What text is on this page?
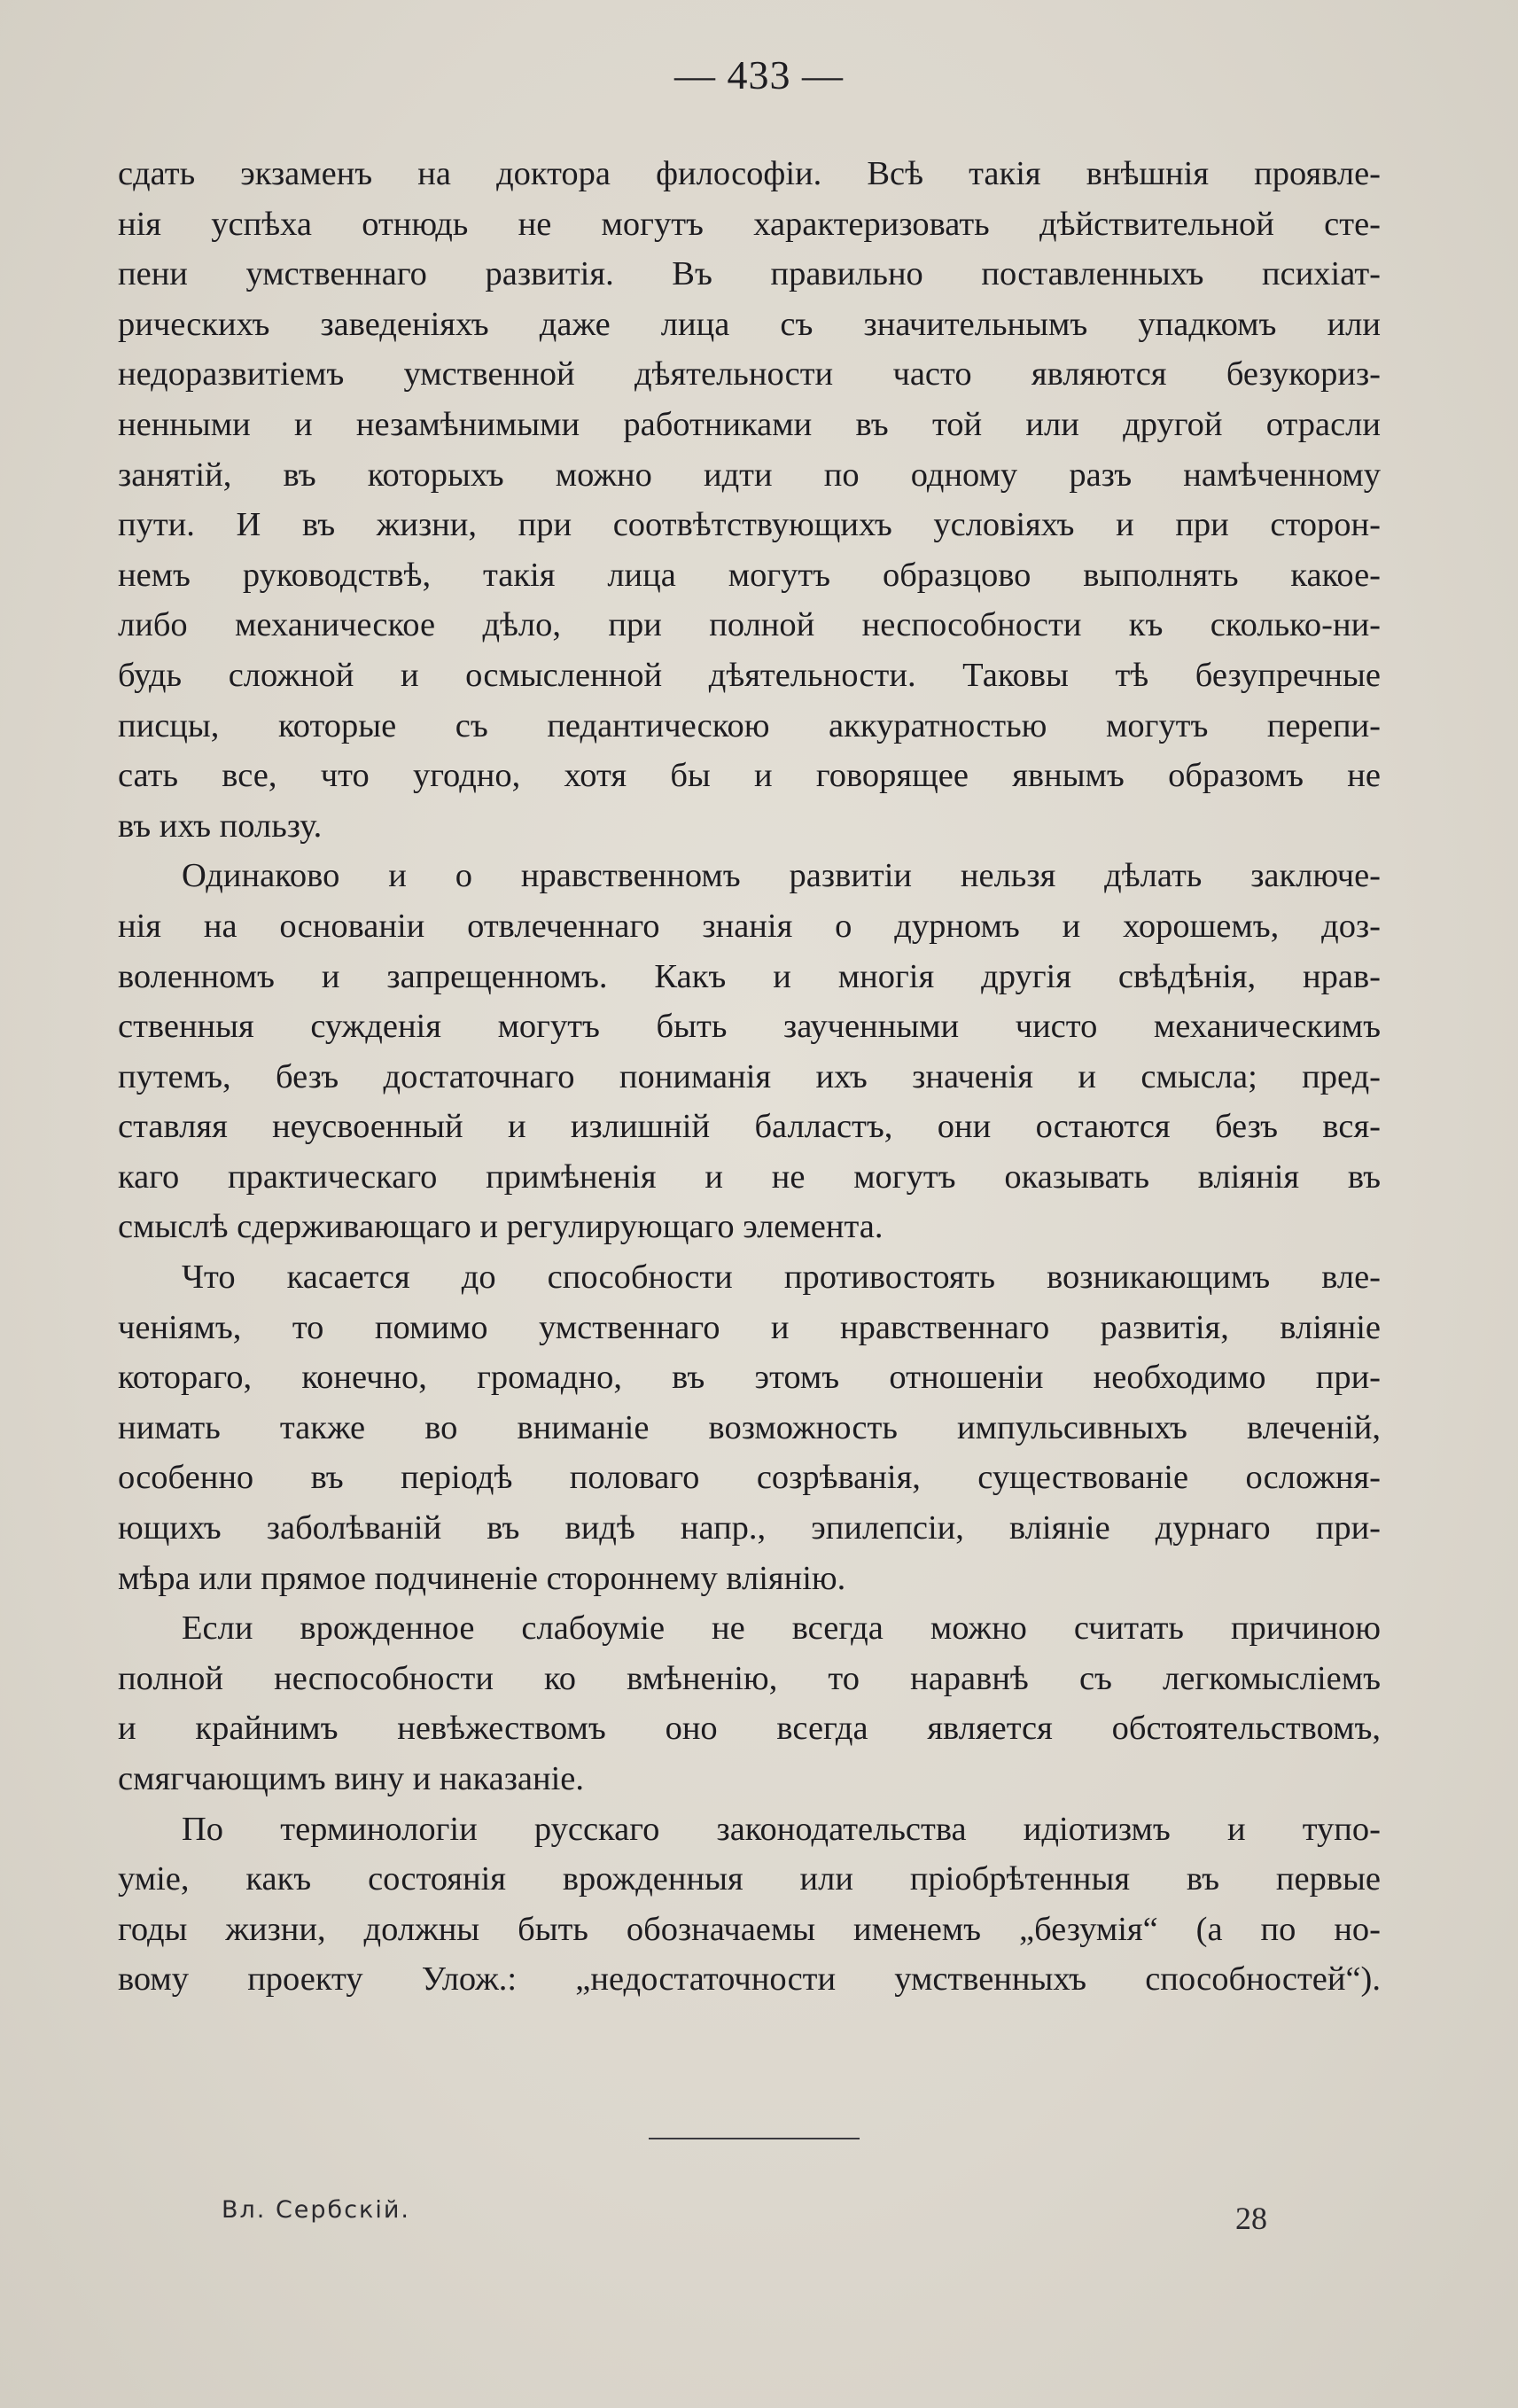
— 433 —

сдать экзаменъ на доктора философіи. Всѣ такія внѣшнія проявле-
нія успѣха отнюдь не могутъ характеризовать дѣйствительной сте-
пени умственнаго развитія. Въ правильно поставленныхъ психіат-
рическихъ заведеніяхъ даже лица съ значительнымъ упадкомъ или
недоразвитіемъ умственной дѣятельности часто являются безукориз-
ненными и незамѣнимыми работниками въ той или другой отрасли
занятій, въ которыхъ можно идти по одному разъ намѣченному
пути. И въ жизни, при соотвѣтствующихъ условіяхъ и при сторон-
немъ руководствѣ, такія лица могутъ образцово выполнять какое-
либо механическое дѣло, при полной неспособности къ сколько-ни-
будь сложной и осмысленной дѣятельности. Таковы тѣ безупречные
писцы, которые съ педантическою аккуратностью могутъ перепи-
сать все, что угодно, хотя бы и говорящее явнымъ образомъ не
въ ихъ пользу.

Одинаково и о нравственномъ развитіи нельзя дѣлать заключе-
нія на основаніи отвлеченнаго знанія о дурномъ и хорошемъ, доз-
воленномъ и запрещенномъ. Какъ и многія другія свѣдѣнія, нрав-
ственныя сужденія могутъ быть заученными чисто механическимъ
путемъ, безъ достаточнаго пониманія ихъ значенія и смысла; пред-
ставляя неусвоенный и излишній балластъ, они остаются безъ вся-
каго практическаго примѣненія и не могутъ оказывать вліянія въ
смыслѣ сдерживающаго и регулирующаго элемента.

Что касается до способности противостоять возникающимъ вле-
ченіямъ, то помимо умственнаго и нравственнаго развитія, вліяніе
котораго, конечно, громадно, въ этомъ отношеніи необходимо при-
нимать также во вниманіе возможность импульсивныхъ влеченій,
особенно въ періодѣ половаго созрѣванія, существованіе осложня-
ющихъ заболѣваній въ видѣ напр., эпилепсіи, вліяніе дурнаго при-
мѣра или прямое подчиненіе стороннему вліянію.

Если врожденное слабоуміе не всегда можно считать причиною
полной неспособности ко вмѣненію, то наравнѣ съ легкомысліемъ
и крайнимъ невѣжествомъ оно всегда является обстоятельствомъ,
смягчающимъ вину и наказаніе.

По терминологіи русскаго законодательства идіотизмъ и тупо-
уміе, какъ состоянія врожденныя или пріобрѣтенныя въ первые
годы жизни, должны быть обозначаемы именемъ „безумія“ (а по но-
вому проекту Улож.: „недостаточности умственныхъ способностей“).

Вл. Сербскій.	28
